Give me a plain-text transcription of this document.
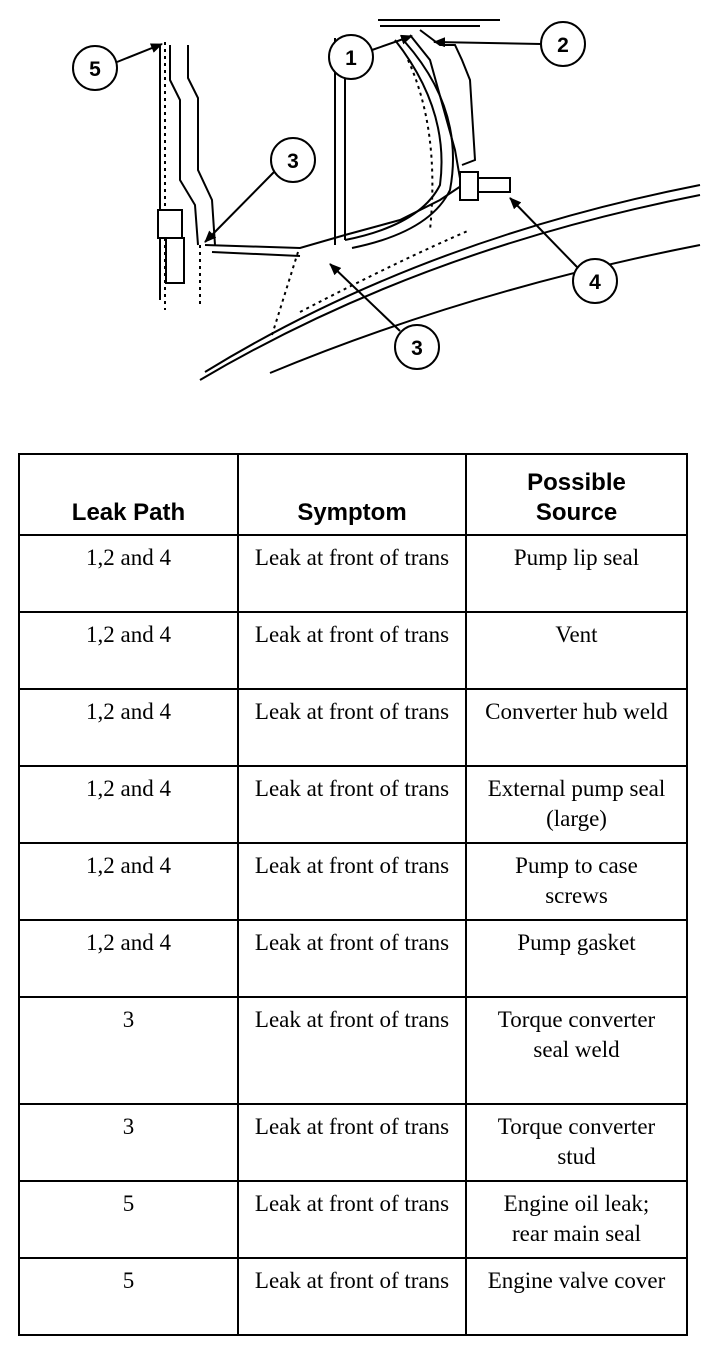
5	1
2
3
3
4
Leak Path	Symptom	Possible Source
1,2 and 4	Leak at front of trans	Pump lip seal
1,2 and 4	Leak at front of trans	Vent
1,2 and 4	Leak at front of trans	Converter hub weld
1,2 and 4	Leak at front of trans	External pump seal (large)
1,2 and 4	Leak at front of trans	Pump to case screws
1,2 and 4	Leak at front of trans	Pump gasket
3	Leak at front of trans	Torque converter seal weld
3	Leak at front of trans	Torque converter stud
5	Leak at front of trans	Engine oil leak; rear main seal
5	Leak at front of trans	Engine valve cover
